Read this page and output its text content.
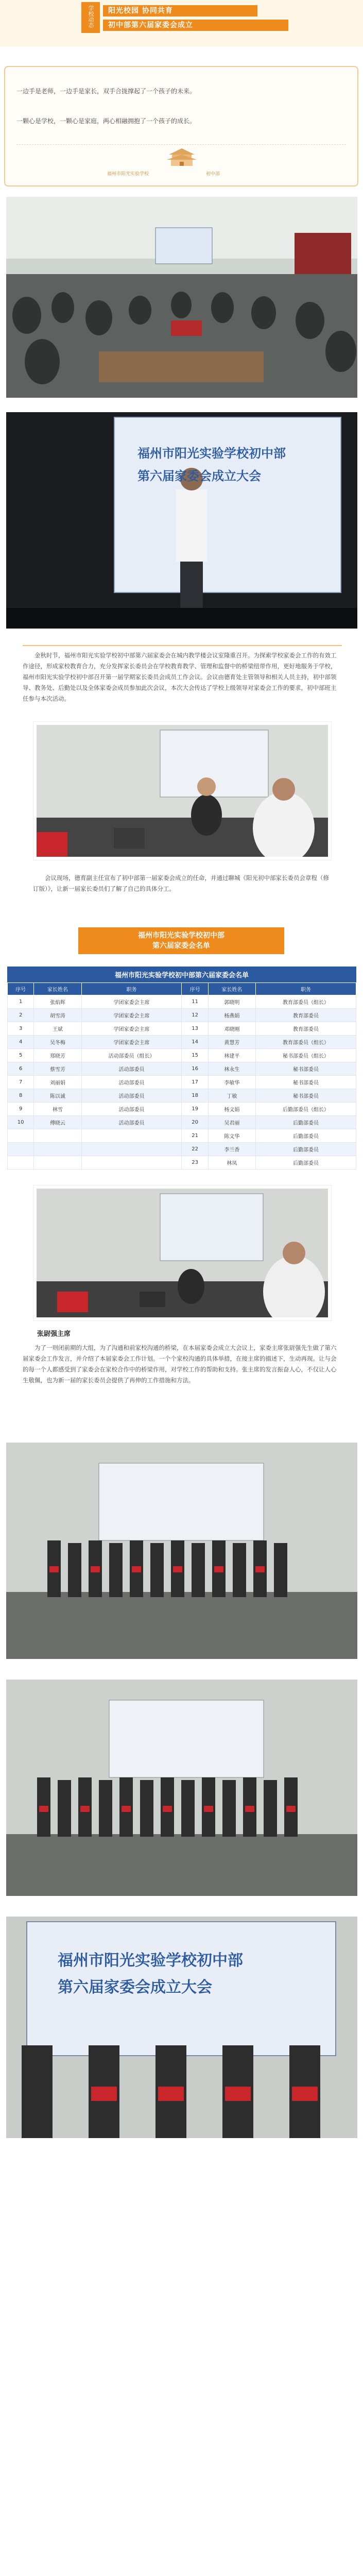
学校动态	阳光校园 协同共育
初中部第六届家委会成立
一边手是老师，一边手是家长，双手合拢撑起了一个孩子的未来。
一颗心是学校，一颗心是家庭，两心相融拥抱了一个孩子的成长。
福州市阳光实验学校	初中部
福州市阳光实验学校初中部
第六届家委会成立大会

金秋时节，福州市阳光实验学校初中部第六届家委会在城内教学楼会议室隆重召开。为探索学校家委会工作的有效工作途径，形成家校教育合力，充分发挥家长委员会在学校教育教学、管理和监督中的桥梁纽带作用，更好地服务于学校，福州市阳光实验学校初中部召开第一届学期家长委员会成员工作会议。会议由德育处主管领导和相关人员主持，初中部领导、教务处、后勤处以及全体家委会成员参加此次会议，本次大会传达了学校上级领导对家委会工作的要求，初中部班主任参与本次活动。

会议现场，德育副主任宣布了初中部第一届家委会成立的任命，并通过聊城《阳光初中部家长委员会章程（修订版）》，让新一届家长委员们了解了自己的具体分工。

福州市阳光实验学校初中部
第六届家委会名单
福州市阳光实验学校初中部第六届家委会名单
序号	家长姓名	职务	序号	家长姓名	职务
1	张焰辉	学团家委会主席	11	郭晓明	教育部委员（组长）
2	胡雪涛	学团家委会主席	12	杨燕娟	教育部委员
3	王斌	学团家委会主席	13	邓晓刚	教育部委员
4	吴冬梅	学团家委会主席	14	黄慧芳	教育部委员（组长）
5	郑晓芳	活动部委员（组长）	15	林建平	秘书部委员（组长）
6	蔡雪芳	活动部委员	16	林永生	秘书部委员
7	刘丽娟	活动部委员	17	李敏华	秘书部委员
8	陈以诚	活动部委员	18	丁敏	秘书部委员
9	林雪	活动部委员	19	杨文娟	后勤部委员（组长）
10	傅晓云	活动部委员	20	吴君丽	后勤部委员
			21	陈文华	后勤部委员
			22	李兰香	后勤部委员
			23	林凤	后勤部委员
张尉强主席

为了一则闭前期的大组，为了沟通和前家校沟通的桥梁，在本届家委会成立大会议上，家委主席张尉强先生做了第六届家委会工作发言，并介绍了本届家委会工作计划。一个个家校沟通的具体举措，在接主席的描述下，生动再现。让与会的每一个人都感受到了家委会在家校合作中的桥梁作用，对学校工作的帮助和支持。张主席的发言振奋人心，不仅让人心生敬佩，也为新一届的家长委员会提供了再伸的工作措施和方法。

福州市阳光实验学校初中部
第六届家委会成立大会
